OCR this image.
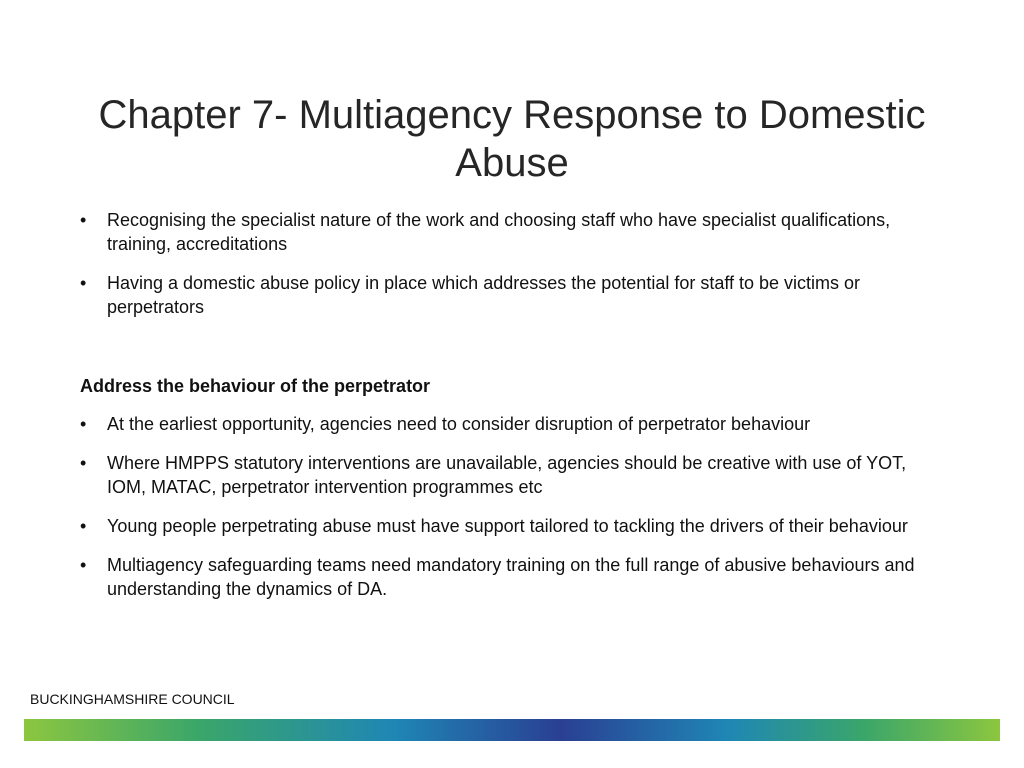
Chapter 7- Multiagency Response to Domestic Abuse
•	Recognising the specialist nature of the work and choosing staff who have specialist qualifications, training, accreditations
•	Having a domestic abuse policy in place which addresses the potential for staff to be victims or perpetrators
Address the behaviour of the perpetrator
•	At the earliest opportunity, agencies need to consider disruption of perpetrator behaviour
•	Where HMPPS statutory interventions are unavailable, agencies should be creative with use of YOT, IOM, MATAC, perpetrator intervention programmes etc
•	Young people perpetrating abuse must have support tailored to tackling the drivers of their behaviour
•	Multiagency safeguarding teams need mandatory training on the full range of abusive behaviours and understanding the dynamics of DA.
BUCKINGHAMSHIRE COUNCIL
